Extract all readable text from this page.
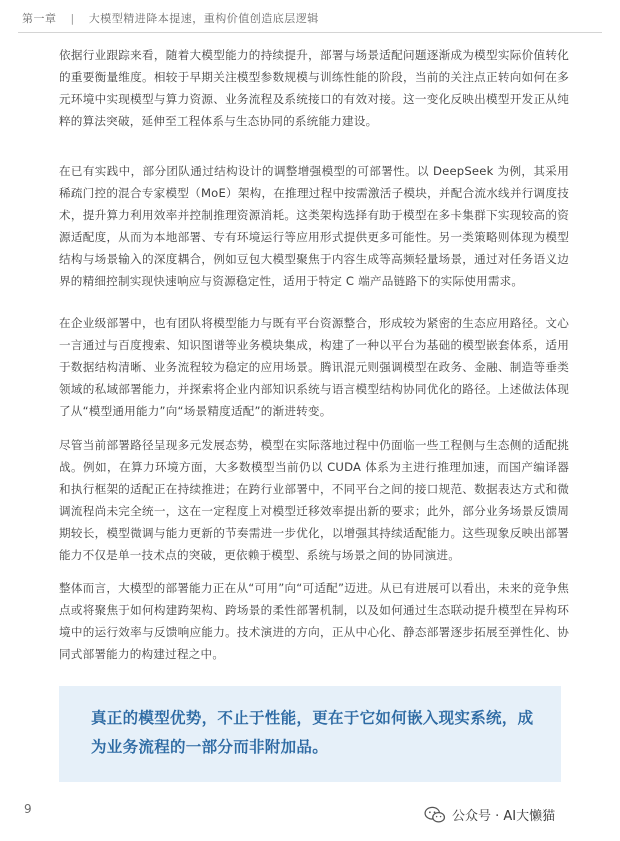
第一章 | 大模型精进降本提速，重构价值创造底层逻辑

依据行业跟踪来看，随着大模型能力的持续提升，部署与场景适配问题逐渐成为模型实际价值转化的重要衡量维度。相较于早期关注模型参数规模与训练性能的阶段，当前的关注点正转向如何在多元环境中实现模型与算力资源、业务流程及系统接口的有效对接。这一变化反映出模型开发正从纯粹的算法突破，延伸至工程体系与生态协同的系统能力建设。

在已有实践中，部分团队通过结构设计的调整增强模型的可部署性。以 DeepSeek 为例，其采用稀疏门控的混合专家模型（MoE）架构，在推理过程中按需激活子模块，并配合流水线并行调度技术，提升算力利用效率并控制推理资源消耗。这类架构选择有助于模型在多卡集群下实现较高的资源适配度，从而为本地部署、专有环境运行等应用形式提供更多可能性。另一类策略则体现为模型结构与场景输入的深度耦合，例如豆包大模型聚焦于内容生成等高频轻量场景，通过对任务语义边界的精细控制实现快速响应与资源稳定性，适用于特定 C 端产品链路下的实际使用需求。

在企业级部署中，也有团队将模型能力与既有平台资源整合，形成较为紧密的生态应用路径。文心一言通过与百度搜索、知识图谱等业务模块集成，构建了一种以平台为基础的模型嵌套体系，适用于数据结构清晰、业务流程较为稳定的应用场景。腾讯混元则强调模型在政务、金融、制造等垂类领域的私域部署能力，并探索将企业内部知识系统与语言模型结构协同优化的路径。上述做法体现了从“模型通用能力”向“场景精度适配”的渐进转变。

尽管当前部署路径呈现多元发展态势，模型在实际落地过程中仍面临一些工程侧与生态侧的适配挑战。例如，在算力环境方面，大多数模型当前仍以 CUDA 体系为主进行推理加速，而国产编译器和执行框架的适配正在持续推进；在跨行业部署中，不同平台之间的接口规范、数据表达方式和微调流程尚未完全统一，这在一定程度上对模型迁移效率提出新的要求；此外，部分业务场景反馈周期较长，模型微调与能力更新的节奏需进一步优化，以增强其持续适配能力。这些现象反映出部署能力不仅是单一技术点的突破，更依赖于模型、系统与场景之间的协同演进。

整体而言，大模型的部署能力正在从“可用”向“可适配”迈进。从已有进展可以看出，未来的竞争焦点或将聚焦于如何构建跨架构、跨场景的柔性部署机制，以及如何通过生态联动提升模型在异构环境中的运行效率与反馈响应能力。技术演进的方向，正从中心化、静态部署逐步拓展至弹性化、协同式部署能力的构建过程之中。

真正的模型优势，不止于性能，更在于它如何嵌入现实系统，成为业务流程的一部分而非附加品。

9	公众号 · AI大懒猫
